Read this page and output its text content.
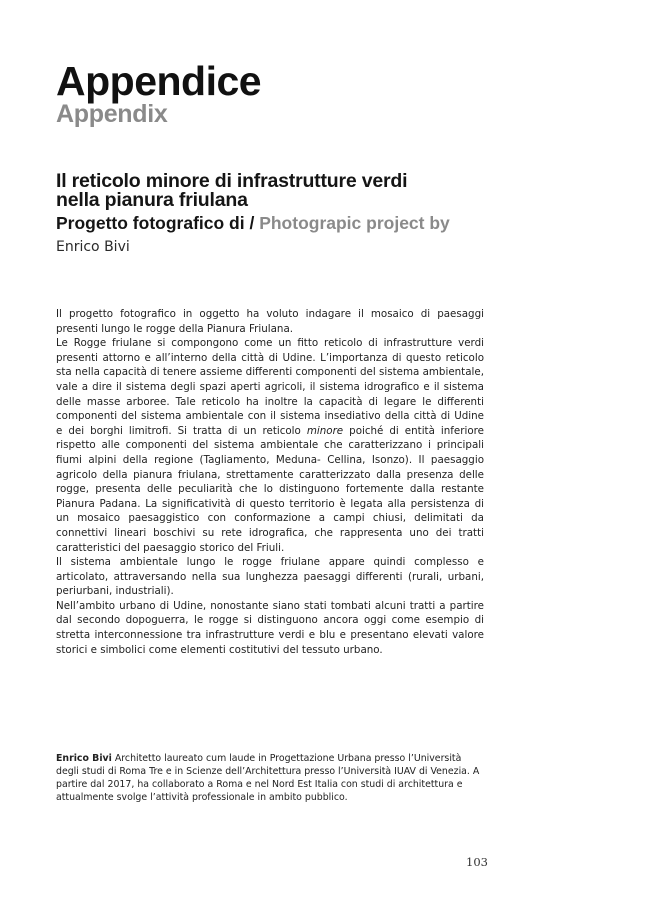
Appendice
Appendix
Il reticolo minore di infrastrutture verdi
nella pianura friulana
Progetto fotografico di / Photograpic project by
Enrico Bivi

Il progetto fotografico in oggetto ha voluto indagare il mosaico di paesaggi presenti lungo le rogge della Pianura Friulana.

Le Rogge friulane si compongono come un fitto reticolo di infrastrutture verdi presenti attorno e all’interno della città di Udine. L’importanza di questo reticolo sta nella capacità di tenere assieme differenti componenti del sistema ambientale, vale a dire il sistema degli spazi aperti agricoli, il sistema idrografico e il sistema delle masse arboree. Tale reticolo ha inoltre la capacità di legare le differenti componenti del sistema ambientale con il sistema insediativo della città di Udine e dei borghi limitrofi. Si tratta di un reticolo minore poiché di entità inferiore rispetto alle componenti del sistema ambientale che caratterizzano i principali fiumi alpini della regione (Tagliamento, Meduna- Cellina, Isonzo). Il paesaggio agricolo della pianura friulana, strettamente caratterizzato dalla presenza delle rogge, presenta delle peculiarità che lo distinguono fortemente dalla restante Pianura Padana. La significatività di questo territorio è legata alla persistenza di un mosaico paesaggistico con conformazione a campi chiusi, delimitati da connettivi lineari boschivi su rete idrografica, che rappresenta uno dei tratti caratteristici del paesaggio storico del Friuli.

Il sistema ambientale lungo le rogge friulane appare quindi complesso e articolato, attraversando nella sua lunghezza paesaggi differenti (rurali, urbani, periurbani, industriali).

Nell’ambito urbano di Udine, nonostante siano stati tombati alcuni tratti a partire dal secondo dopoguerra, le rogge si distinguono ancora oggi come esempio di stretta interconnessione tra infrastrutture verdi e blu e presentano elevati valore storici e simbolici come elementi costitutivi del tessuto urbano.

Enrico Bivi Architetto laureato cum laude in Progettazione Urbana presso l’Università degli studi di Roma Tre e in Scienze dell’Architettura presso l’Università IUAV di Venezia. A partire dal 2017, ha collaborato a Roma e nel Nord Est Italia con studi di architettura e attualmente svolge l’attività professionale in ambito pubblico.
103
